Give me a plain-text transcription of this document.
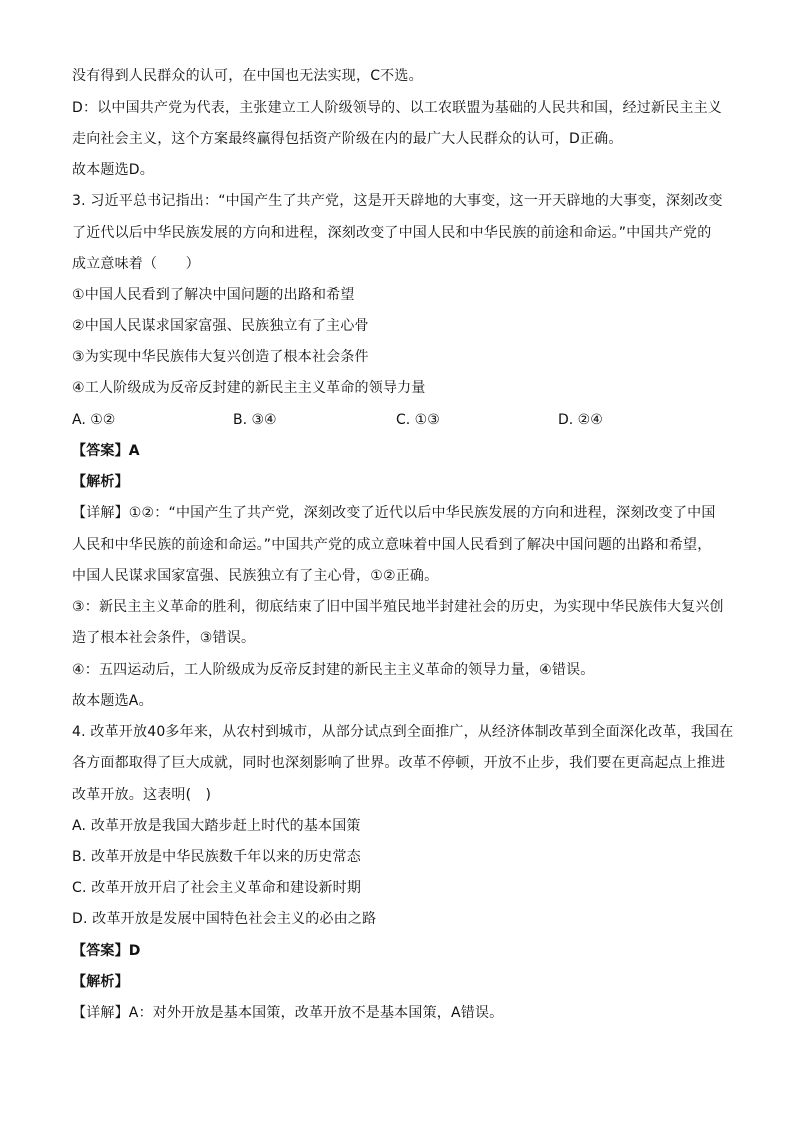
没有得到人民群众的认可，在中国也无法实现，C不选。
D：以中国共产党为代表，主张建立工人阶级领导的、以工农联盟为基础的人民共和国，经过新民主主义
走向社会主义，这个方案最终赢得包括资产阶级在内的最广大人民群众的认可，D正确。
故本题选D。
3. 习近平总书记指出：“中国产生了共产党，这是开天辟地的大事变，这一开天辟地的大事变，深刻改变
了近代以后中华民族发展的方向和进程，深刻改变了中国人民和中华民族的前途和命运。”中国共产党的
成立意味着（　　）
①中国人民看到了解决中国问题的出路和希望
②中国人民谋求国家富强、民族独立有了主心骨
③为实现中华民族伟大复兴创造了根本社会条件
④工人阶级成为反帝反封建的新民主主义革命的领导力量
A. ①②	B. ③④	C. ①③	D. ②④
【答案】A
【解析】
【详解】①②：“中国产生了共产党，深刻改变了近代以后中华民族发展的方向和进程，深刻改变了中国
人民和中华民族的前途和命运。”中国共产党的成立意味着中国人民看到了解决中国问题的出路和希望，
中国人民谋求国家富强、民族独立有了主心骨，①②正确。
③：新民主主义革命的胜利，彻底结束了旧中国半殖民地半封建社会的历史，为实现中华民族伟大复兴创
造了根本社会条件，③错误。
④：五四运动后，工人阶级成为反帝反封建的新民主主义革命的领导力量，④错误。
故本题选A。
4. 改革开放40多年来，从农村到城市，从部分试点到全面推广，从经济体制改革到全面深化改革，我国在
各方面都取得了巨大成就，同时也深刻影响了世界。改革不停顿，开放不止步，我们要在更高起点上推进
改革开放。这表明(　)
A. 改革开放是我国大踏步赶上时代的基本国策
B. 改革开放是中华民族数千年以来的历史常态
C. 改革开放开启了社会主义革命和建设新时期
D. 改革开放是发展中国特色社会主义的必由之路
【答案】D
【解析】
【详解】A：对外开放是基本国策，改革开放不是基本国策，A错误。
